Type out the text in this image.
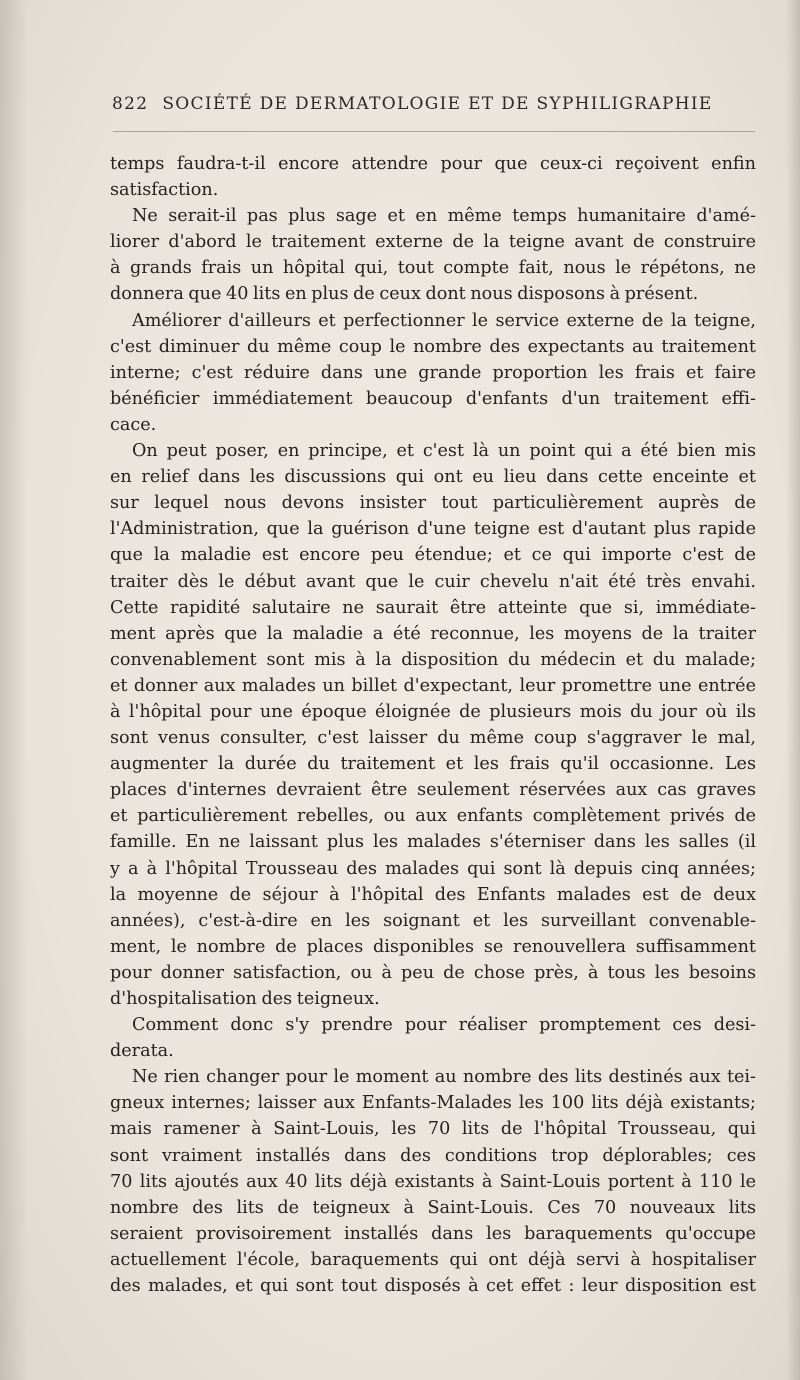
822 SOCIÉTÉ DE DERMATOLOGIE ET DE SYPHILIGRAPHIE
temps faudra-t-il encore attendre pour que ceux-ci reçoivent enfin
satisfaction.
Ne serait-il pas plus sage et en même temps humanitaire d'amé-
liorer d'abord le traitement externe de la teigne avant de construire
à grands frais un hôpital qui, tout compte fait, nous le répétons, ne
donnera que 40 lits en plus de ceux dont nous disposons à présent.
Améliorer d'ailleurs et perfectionner le service externe de la teigne,
c'est diminuer du même coup le nombre des expectants au traitement
interne; c'est réduire dans une grande proportion les frais et faire
bénéficier immédiatement beaucoup d'enfants d'un traitement effi-
cace.
On peut poser, en principe, et c'est là un point qui a été bien mis
en relief dans les discussions qui ont eu lieu dans cette enceinte et
sur lequel nous devons insister tout particulièrement auprès de
l'Administration, que la guérison d'une teigne est d'autant plus rapide
que la maladie est encore peu étendue; et ce qui importe c'est de
traiter dès le début avant que le cuir chevelu n'ait été très envahi.
Cette rapidité salutaire ne saurait être atteinte que si, immédiate-
ment après que la maladie a été reconnue, les moyens de la traiter
convenablement sont mis à la disposition du médecin et du malade;
et donner aux malades un billet d'expectant, leur promettre une entrée
à l'hôpital pour une époque éloignée de plusieurs mois du jour où ils
sont venus consulter, c'est laisser du même coup s'aggraver le mal,
augmenter la durée du traitement et les frais qu'il occasionne. Les
places d'internes devraient être seulement réservées aux cas graves
et particulièrement rebelles, ou aux enfants complètement privés de
famille. En ne laissant plus les malades s'éterniser dans les salles (il
y a à l'hôpital Trousseau des malades qui sont là depuis cinq années;
la moyenne de séjour à l'hôpital des Enfants malades est de deux
années), c'est-à-dire en les soignant et les surveillant convenable-
ment, le nombre de places disponibles se renouvellera suffisamment
pour donner satisfaction, ou à peu de chose près, à tous les besoins
d'hospitalisation des teigneux.
Comment donc s'y prendre pour réaliser promptement ces desi-
derata.
Ne rien changer pour le moment au nombre des lits destinés aux tei-
gneux internes; laisser aux Enfants-Malades les 100 lits déjà existants;
mais ramener à Saint-Louis, les 70 lits de l'hôpital Trousseau, qui
sont vraiment installés dans des conditions trop déplorables; ces
70 lits ajoutés aux 40 lits déjà existants à Saint-Louis portent à 110 le
nombre des lits de teigneux à Saint-Louis. Ces 70 nouveaux lits
seraient provisoirement installés dans les baraquements qu'occupe
actuellement l'école, baraquements qui ont déjà servi à hospitaliser
des malades, et qui sont tout disposés à cet effet : leur disposition est
